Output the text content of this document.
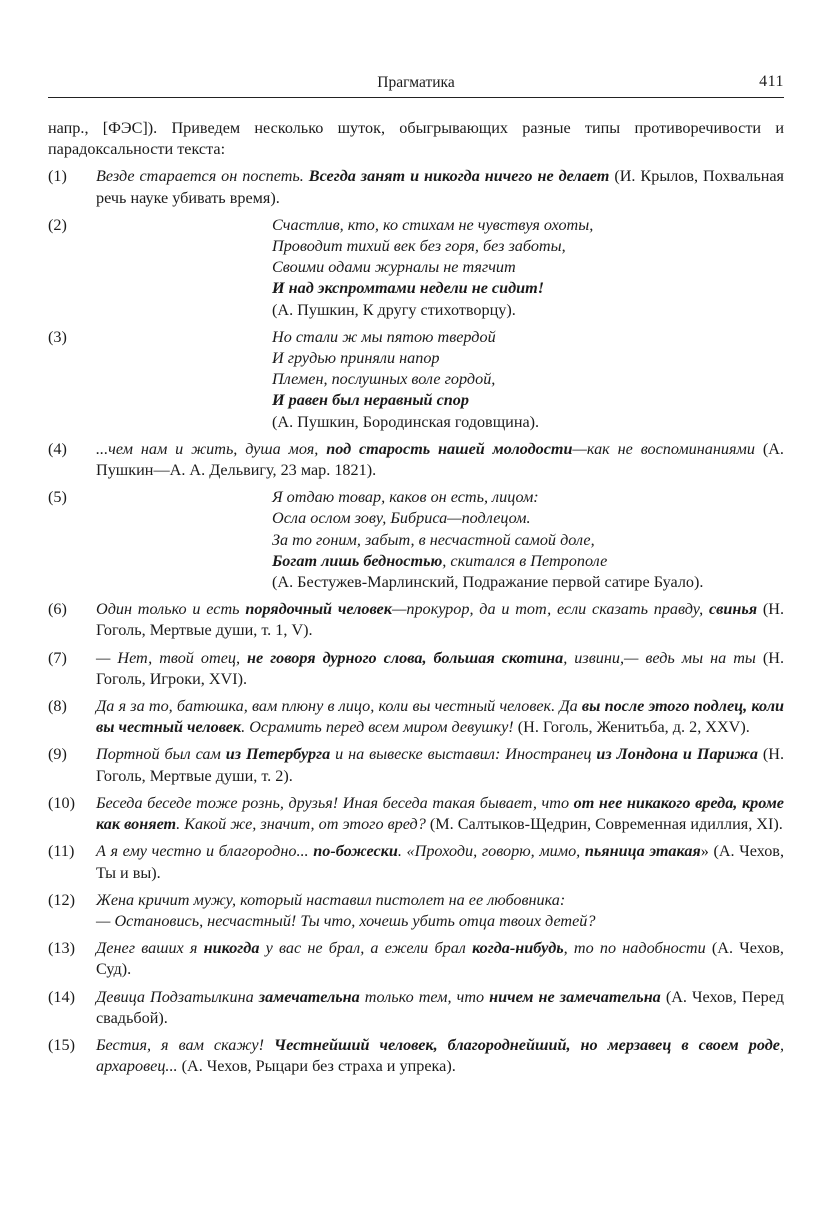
Прагматика	411

напр., [ФЭС]). Приведем несколько шуток, обыгрывающих разные типы противоречивости и парадоксальности текста:

(1) Везде старается он поспеть. Всегда занят и никогда ничего не делает (И. Крылов, Похвальная речь науке убивать время).
(2)	Счастлив, кто, ко стихам не чувствуя охоты,
Проводит тихий век без горя, без заботы,
Своими одами журналы не тягчит
И над экспромтами недели не сидит!
(А. Пушкин, К другу стихотворцу).
(3)	Но стали ж мы пятою твердой
И грудью приняли напор
Племен, послушных воле гордой,
И равен был неравный спор
(А. Пушкин, Бородинская годовщина).
(4) ...чем нам и жить, душа моя, под старость нашей молодости—как не воспоминаниями (А. Пушкин—А. А. Дельвигу, 23 мар. 1821).
(5)	Я отдаю товар, каков он есть, лицом:
Осла ослом зову, Бибриса—подлецом.
За то гоним, забыт, в несчастной самой доле,
Богат лишь бедностью, скитался в Петрополе
(А. Бестужев-Марлинский, Подражание первой сатире Буало).
(6) Один только и есть порядочный человек—прокурор, да и тот, если сказать правду, свинья (Н. Гоголь, Мертвые души, т. 1, V).
(7) — Нет, твой отец, не говоря дурного слова, большая скотина, извини,— ведь мы на ты (Н. Гоголь, Игроки, XVI).
(8) Да я за то, батюшка, вам плюну в лицо, коли вы честный человек. Да вы после этого подлец, коли вы честный человек. Осрамить перед всем миром девушку! (Н. Гоголь, Женитьба, д. 2, XXV).
(9) Портной был сам из Петербурга и на вывеске выставил: Иностранец из Лондона и Парижа (Н. Гоголь, Мертвые души, т. 2).
(10) Беседа беседе тоже рознь, друзья! Иная беседа такая бывает, что от нее никакого вреда, кроме как воняет. Какой же, значит, от этого вред? (М. Салтыков-Щедрин, Современная идиллия, XI).
(11) А я ему честно и благородно... по-божески. «Проходи, говорю, мимо, пьяница этакая» (А. Чехов, Ты и вы).
(12) Жена кричит мужу, который наставил пистолет на ее любовника:
— Остановись, несчастный! Ты что, хочешь убить отца твоих детей?
(13) Денег ваших я никогда у вас не брал, а ежели брал когда-нибудь, то по надобности (А. Чехов, Суд).
(14) Девица Подзатылкина замечательна только тем, что ничем не замечательна (А. Чехов, Перед свадьбой).
(15) Бестия, я вам скажу! Честнейший человек, благороднейший, но мерзавец в своем роде, архаровец... (А. Чехов, Рыцари без страха и упрека).
